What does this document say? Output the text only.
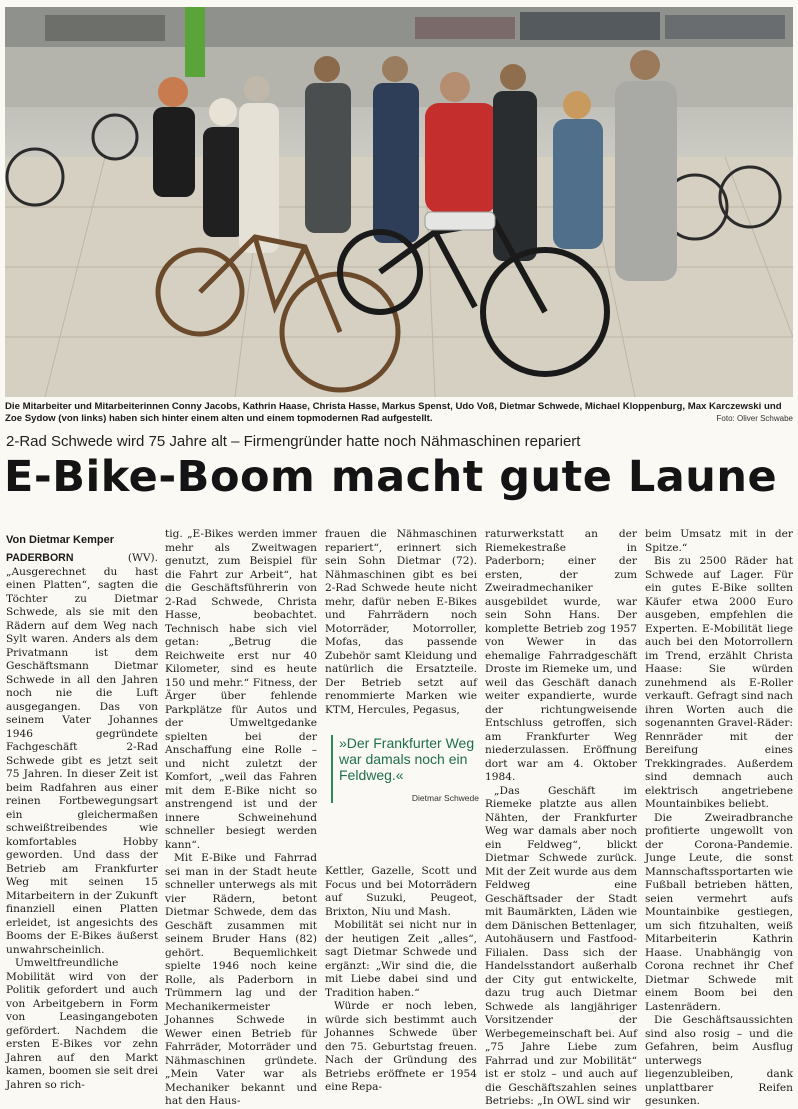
Die Mitarbeiter und Mitarbeiterinnen Conny Jacobs, Kathrin Haase, Christa Hasse, Markus Spenst, Udo Voß, Dietmar Schwede, Michael Kloppenburg, Max Karczewski und Zoe Sydow (von links) haben sich hinter einem alten und einem topmodernen Rad aufgestellt.	Foto: Oliver Schwabe
2-Rad Schwede wird 75 Jahre alt – Firmengründer hatte noch Nähmaschinen repariert
E-Bike-Boom macht gute Laune
Von Dietmar Kemper

PADERBORN (WV). „Ausgerechnet du hast einen Platten“, sagten die Töchter zu Dietmar Schwede, als sie mit den Rädern auf dem Weg nach Sylt waren. Anders als dem Privatmann ist dem Geschäftsmann Dietmar Schwede in all den Jahren noch nie die Luft ausgegangen. Das von seinem Vater Johannes 1946 gegründete Fachgeschäft 2-Rad Schwede gibt es jetzt seit 75 Jahren. In dieser Zeit ist beim Radfahren aus einer reinen Fortbewegungsart ein gleichermaßen schweißtreibendes wie komfortables Hobby geworden. Und dass der Betrieb am Frankfurter Weg mit seinen 15 Mitarbeitern in der Zukunft finanziell einen Platten erleidet, ist angesichts des Booms der E-Bikes äußerst unwahrscheinlich.

Umweltfreundliche Mobilität wird von der Politik gefordert und auch von Arbeitgebern in Form von Leasingangeboten gefördert. Nachdem die ersten E-Bikes vor zehn Jahren auf den Markt kamen, boomen sie seit drei Jahren so rich-

tig. „E-Bikes werden immer mehr als Zweitwagen genutzt, zum Beispiel für die Fahrt zur Arbeit“, hat die Geschäftsführerin von 2-Rad Schwede, Christa Hasse, beobachtet. Technisch habe sich viel getan: „Betrug die Reichweite erst nur 40 Kilometer, sind es heute 150 und mehr.“ Fitness, der Ärger über fehlende Parkplätze für Autos und der Umweltgedanke spielten bei der Anschaffung eine Rolle – und nicht zuletzt der Komfort, „weil das Fahren mit dem E-Bike nicht so anstrengend ist und der innere Schweinehund schneller besiegt werden kann“.

Mit E-Bike und Fahrrad sei man in der Stadt heute schneller unterwegs als mit vier Rädern, betont Dietmar Schwede, dem das Geschäft zusammen mit seinem Bruder Hans (82) gehört. Bequemlichkeit spielte 1946 noch keine Rolle, als Paderborn in Trümmern lag und der Mechanikermeister Johannes Schwede in Wewer einen Betrieb für Fahrräder, Motorräder und Nähmaschinen gründete. „Mein Vater war als Mechaniker bekannt und hat den Haus-

frauen die Nähmaschinen repariert“, erinnert sich sein Sohn Dietmar (72). Nähmaschinen gibt es bei 2-Rad Schwede heute nicht mehr, dafür neben E-Bikes und Fahrrädern noch Motorräder, Motorroller, Mofas, das passende Zubehör samt Kleidung und natürlich die Ersatzteile. Der Betrieb setzt auf renommierte Marken wie KTM, Hercules, Pegasus,

Kettler, Gazelle, Scott und Focus und bei Motorrädern auf Suzuki, Peugeot, Brixton, Niu und Mash.

Mobilität sei nicht nur in der heutigen Zeit „alles“, sagt Dietmar Schwede und ergänzt: „Wir sind die, die mit Liebe dabei sind und Tradition haben.“

Würde er noch leben, würde sich bestimmt auch Johannes Schwede über den 75. Geburtstag freuen. Nach der Gründung des Betriebs eröffnete er 1954 eine Repa-

»Der Frankfurter Weg war damals noch ein Feldweg.«
Dietmar Schwede

raturwerkstatt an der Riemekestraße in Paderborn; einer der ersten, der zum Zweiradmechaniker ausgebildet wurde, war sein Sohn Hans. Der komplette Betrieb zog 1957 von Wewer in das ehemalige Fahrradgeschäft Droste im Riemeke um, und weil das Geschäft danach weiter expandierte, wurde der richtungweisende Entschluss getroffen, sich am Frankfurter Weg niederzulassen. Eröffnung dort war am 4. Oktober 1984.

„Das Geschäft im Riemeke platzte aus allen Nähten, der Frankfurter Weg war damals aber noch ein Feldweg“, blickt Dietmar Schwede zurück. Mit der Zeit wurde aus dem Feldweg eine Geschäftsader der Stadt mit Baumärkten, Läden wie dem Dänischen Bettenlager, Autohäusern und Fastfood-Filialen. Dass sich der Handelsstandort außerhalb der City gut entwickelte, dazu trug auch Dietmar Schwede als langjähriger Vorsitzender der Werbegemeinschaft bei. Auf „75 Jahre Liebe zum Fahrrad und zur Mobilität“ ist er stolz – und auch auf die Geschäftszahlen seines Betriebs: „In OWL sind wir

beim Umsatz mit in der Spitze.“

Bis zu 2500 Räder hat Schwede auf Lager. Für ein gutes E-Bike sollten Käufer etwa 2000 Euro ausgeben, empfehlen die Experten. E-Mobilität liege auch bei den Motorrollern im Trend, erzählt Christa Haase: Sie würden zunehmend als E-Roller verkauft. Gefragt sind nach ihren Worten auch die sogenannten Gravel-Räder: Rennräder mit der Bereifung eines Trekkingrades. Außerdem sind demnach auch elektrisch angetriebene Mountainbikes beliebt.

Die Zweiradbranche profitierte ungewollt von der Corona-Pandemie. Junge Leute, die sonst Mannschaftssportarten wie Fußball betrieben hätten, seien vermehrt aufs Mountainbike gestiegen, um sich fitzuhalten, weiß Mitarbeiterin Kathrin Haase. Unabhängig von Corona rechnet ihr Chef Dietmar Schwede mit einem Boom bei den Lastenrädern.

Die Geschäftsaussichten sind also rosig – und die Gefahren, beim Ausflug unterwegs liegenzubleiben, dank unplattbarer Reifen gesunken.
